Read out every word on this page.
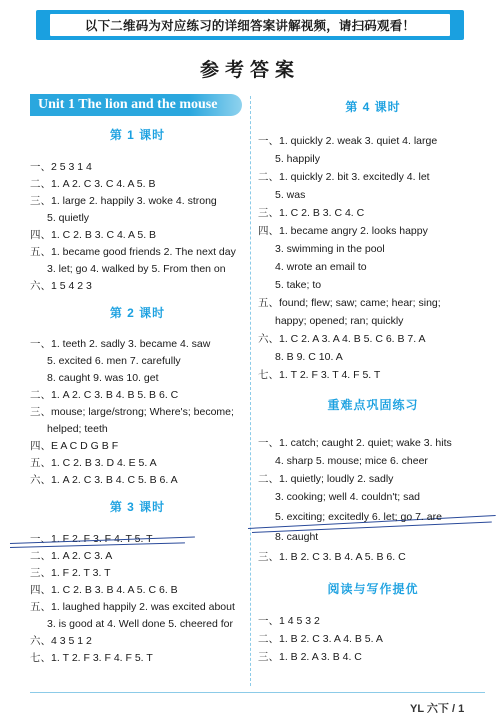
以下二维码为对应练习的详细答案讲解视频，请扫码观看！
参考答案
Unit 1 The lion and the mouse
第 1 课时
一、2 5 3 1 4
二、1. A 2. C 3. C 4. A 5. B
三、1. large 2. happily 3. woke 4. strong
5. quietly
四、1. C 2. B 3. C 4. A 5. B
五、1. became good friends 2. The next day
3. let; go 4. walked by 5. From then on
六、1 5 4 2 3
第 2 课时
一、1. teeth 2. sadly 3. became 4. saw
5. excited 6. men 7. carefully
8. caught 9. was 10. get
二、1. A 2. C 3. B 4. B 5. B 6. C
三、mouse; large/strong; Where's; become;
helped; teeth
四、E A C D G B F
五、1. C 2. B 3. D 4. E 5. A
六、1. A 2. C 3. B 4. C 5. B 6. A
第 3 课时
一、1. F 2. F 3. F 4. T 5. T
二、1. A 2. C 3. A
三、1. F 2. T 3. T
四、1. C 2. B 3. B 4. A 5. C 6. B
五、1. laughed happily 2. was excited about
3. is good at 4. Well done 5. cheered for
六、4 3 5 1 2
七、1. T 2. F 3. F 4. F 5. T
第 4 课时
一、1. quickly 2. weak 3. quiet 4. large
5. happily
二、1. quickly 2. bit 3. excitedly 4. let
5. was
三、1. C 2. B 3. C 4. C
四、1. became angry 2. looks happy
3. swimming in the pool
4. wrote an email to
5. take; to
五、found; flew; saw; came; hear; sing;
happy; opened; ran; quickly
六、1. C 2. A 3. A 4. B 5. C 6. B 7. A
8. B 9. C 10. A
七、1. T 2. F 3. T 4. F 5. T
重难点巩固练习
一、1. catch; caught 2. quiet; wake 3. hits
4. sharp 5. mouse; mice 6. cheer
二、1. quietly; loudly 2. sadly
3. cooking; well 4. couldn't; sad
5. exciting; excitedly 6. let; go 7. are
8. caught
三、1. B 2. C 3. B 4. A 5. B 6. C
阅读与写作提优
一、1 4 5 3 2
二、1. B 2. C 3. A 4. B 5. A
三、1. B 2. A 3. B 4. C
YL 六下 / 1
